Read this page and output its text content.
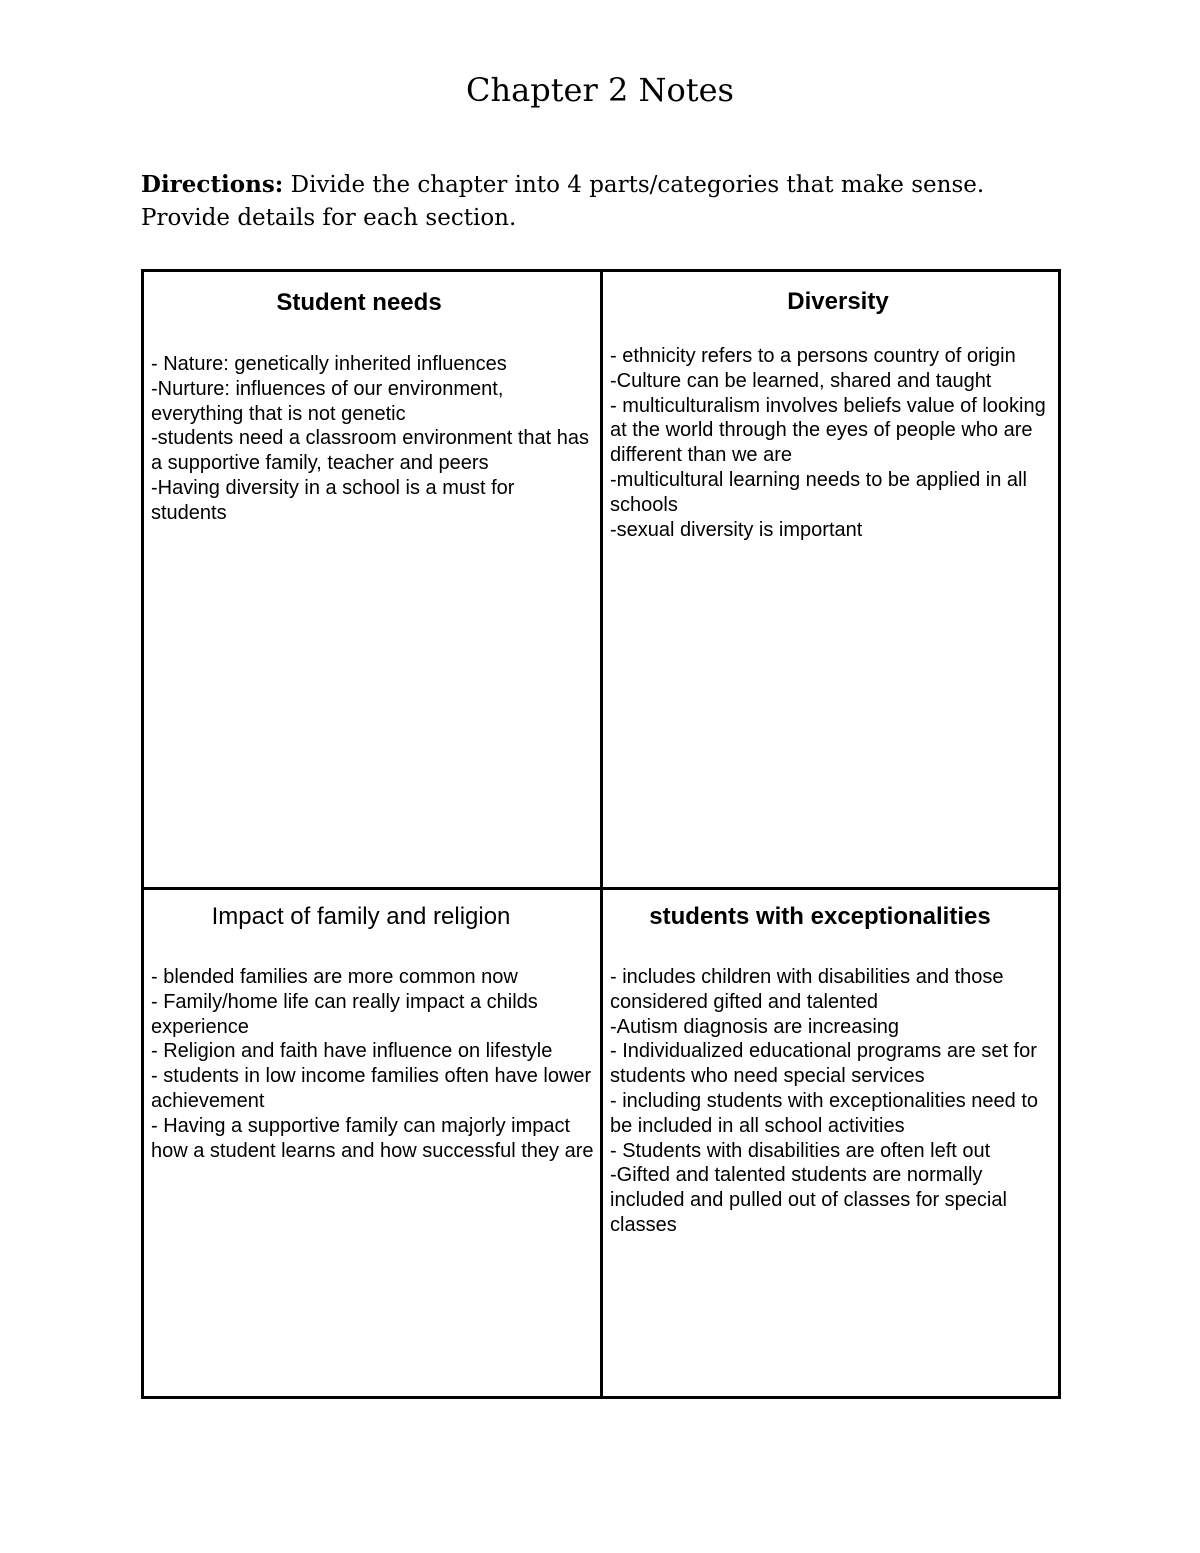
Chapter 2 Notes
Directions: Divide the chapter into 4 parts/categories that make sense. Provide details for each section.
Student needs
- Nature: genetically inherited influences
-Nurture: influences of our environment, everything that is not genetic
-students need a classroom environment that has a supportive family, teacher and peers
-Having diversity in a school is a must for students
Diversity
- ethnicity refers to a persons country of origin
-Culture can be learned, shared and taught
- multiculturalism involves beliefs value of looking at the world through the eyes of people who are different than we are
-multicultural learning needs to be applied in all schools
-sexual diversity is important
Impact of family and religion
- blended families are more common now
- Family/home life can really impact a childs experience
- Religion and faith have influence on lifestyle
- students in low income families often have lower achievement
- Having a supportive family can majorly impact how a student learns and how successful they are
students with exceptionalities
- includes children with disabilities and those considered gifted and talented
-Autism diagnosis are increasing
- Individualized educational programs are set for students who need special services
- including students with exceptionalities need to be included in all school activities
- Students with disabilities are often left out
-Gifted and talented students are normally included and pulled out of classes for special classes
